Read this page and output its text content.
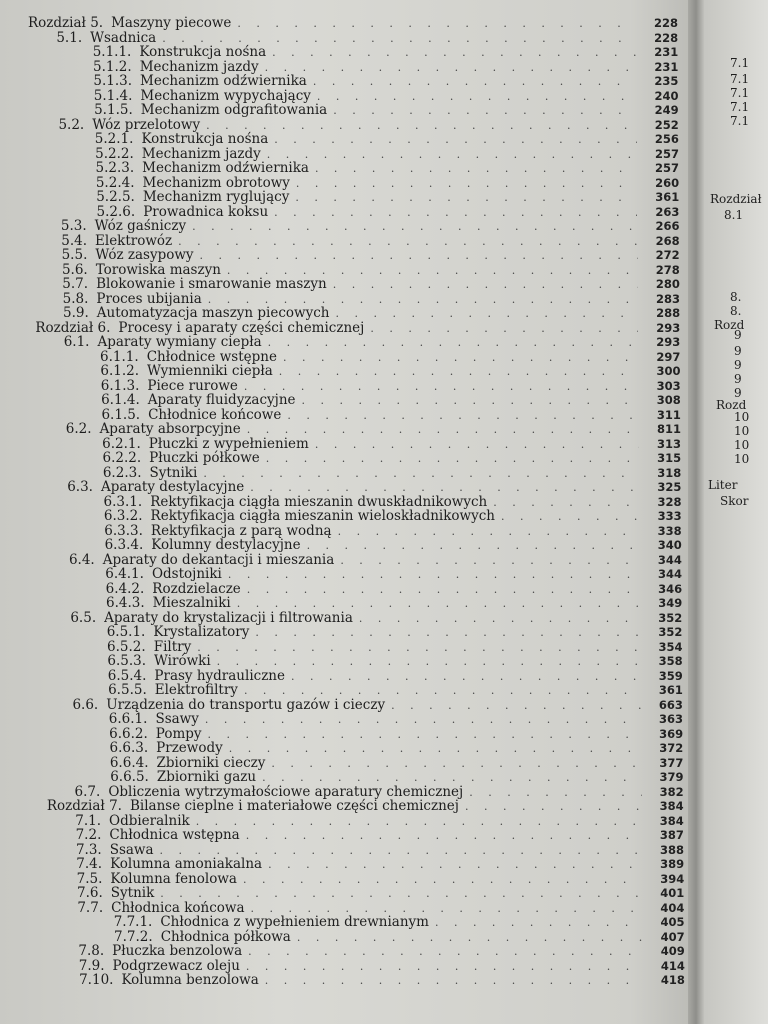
Rozdział 5. Maszyny piecowe . . .	228
5.1. Wsadnica . . .	228
5.1.1. Konstrukcja nośna . . .	231
5.1.2. Mechanizm jazdy . . .	231
5.1.3. Mechanizm odźwiernika . . .	235
5.1.4. Mechanizm wypychający . . .	240
5.1.5. Mechanizm odgrafitowania . . .	249
5.2. Wóz przelotowy . . .	252
5.2.1. Konstrukcja nośna . . .	256
5.2.2. Mechanizm jazdy . . .	257
5.2.3. Mechanizm odźwiernika . . .	257
5.2.4. Mechanizm obrotowy . . .	260
5.2.5. Mechanizm ryglujący . . .	361
5.2.6. Prowadnica koksu . . .	263
5.3. Wóz gaśniczy . . .	266
5.4. Elektrowóz . . .	268
5.5. Wóz zasypowy . . .	272
5.6. Torowiska maszyn . . .	278
5.7. Blokowanie i smarowanie maszyn . . .	280
5.8. Proces ubijania . . .	283
5.9. Automatyzacja maszyn piecowych . . .	288
Rozdział 6. Procesy i aparaty części chemicznej . . .	293
6.1. Aparaty wymiany ciepła . . .	293
6.1.1. Chłodnice wstępne . . .	297
6.1.2. Wymienniki ciepła . . .	300
6.1.3. Piece rurowe . . .	303
6.1.4. Aparaty fluidyzacyjne . . .	308
6.1.5. Chłodnice końcowe . . .	311
6.2. Aparaty absorpcyjne . . .	811
6.2.1. Płuczki z wypełnieniem . . .	313
6.2.2. Płuczki półkowe . . .	315
6.2.3. Sytniki . . .	318
6.3. Aparaty destylacyjne . . .	325
6.3.1. Rektyfikacja ciągła mieszanin dwuskładnikowych . . .	328
6.3.2. Rektyfikacja ciągła mieszanin wieloskładnikowych . . .	333
6.3.3. Rektyfikacja z parą wodną . . .	338
6.3.4. Kolumny destylacyjne . . .	340
6.4. Aparaty do dekantacji i mieszania . . .	344
6.4.1. Odstojniki . . .	344
6.4.2. Rozdzielacze . . .	346
6.4.3. Mieszalniki . . .	349
6.5. Aparaty do krystalizacji i filtrowania . . .	352
6.5.1. Krystalizatory . . .	352
6.5.2. Filtry . . .	354
6.5.3. Wirówki . . .	358
6.5.4. Prasy hydrauliczne . . .	359
6.5.5. Elektrofiltry . . .	361
6.6. Urządzenia do transportu gazów i cieczy . . .	663
6.6.1. Ssawy . . .	363
6.6.2. Pompy . . .	369
6.6.3. Przewody . . .	372
6.6.4. Zbiorniki cieczy . . .	377
6.6.5. Zbiorniki gazu . . .	379
6.7. Obliczenia wytrzymałościowe aparatury chemicznej . . .	382
Rozdział 7. Bilanse cieplne i materiałowe części chemicznej . . .	384
7.1. Odbieralnik . . .	384
7.2. Chłodnica wstępna . . .	387
7.3. Ssawa . . .	388
7.4. Kolumna amoniakalna . . .	389
7.5. Kolumna fenolowa . . .	394
7.6. Sytnik . . .	401
7.7. Chłodnica końcowa . . .	404
7.7.1. Chłodnica z wypełnieniem drewnianym . . .	405
7.7.2. Chłodnica półkowa . . .	407
7.8. Płuczka benzolowa . . .	409
7.9. Podgrzewacz oleju . . .	414
7.10. Kolumna benzolowa . . .	418
7.1
7.1
7.1
7.1
7.1
Rozdział
8.1
8.
8.
Rozd
9
9
9
9
9
Rozd
10
10
10
10
Liter
Skor
